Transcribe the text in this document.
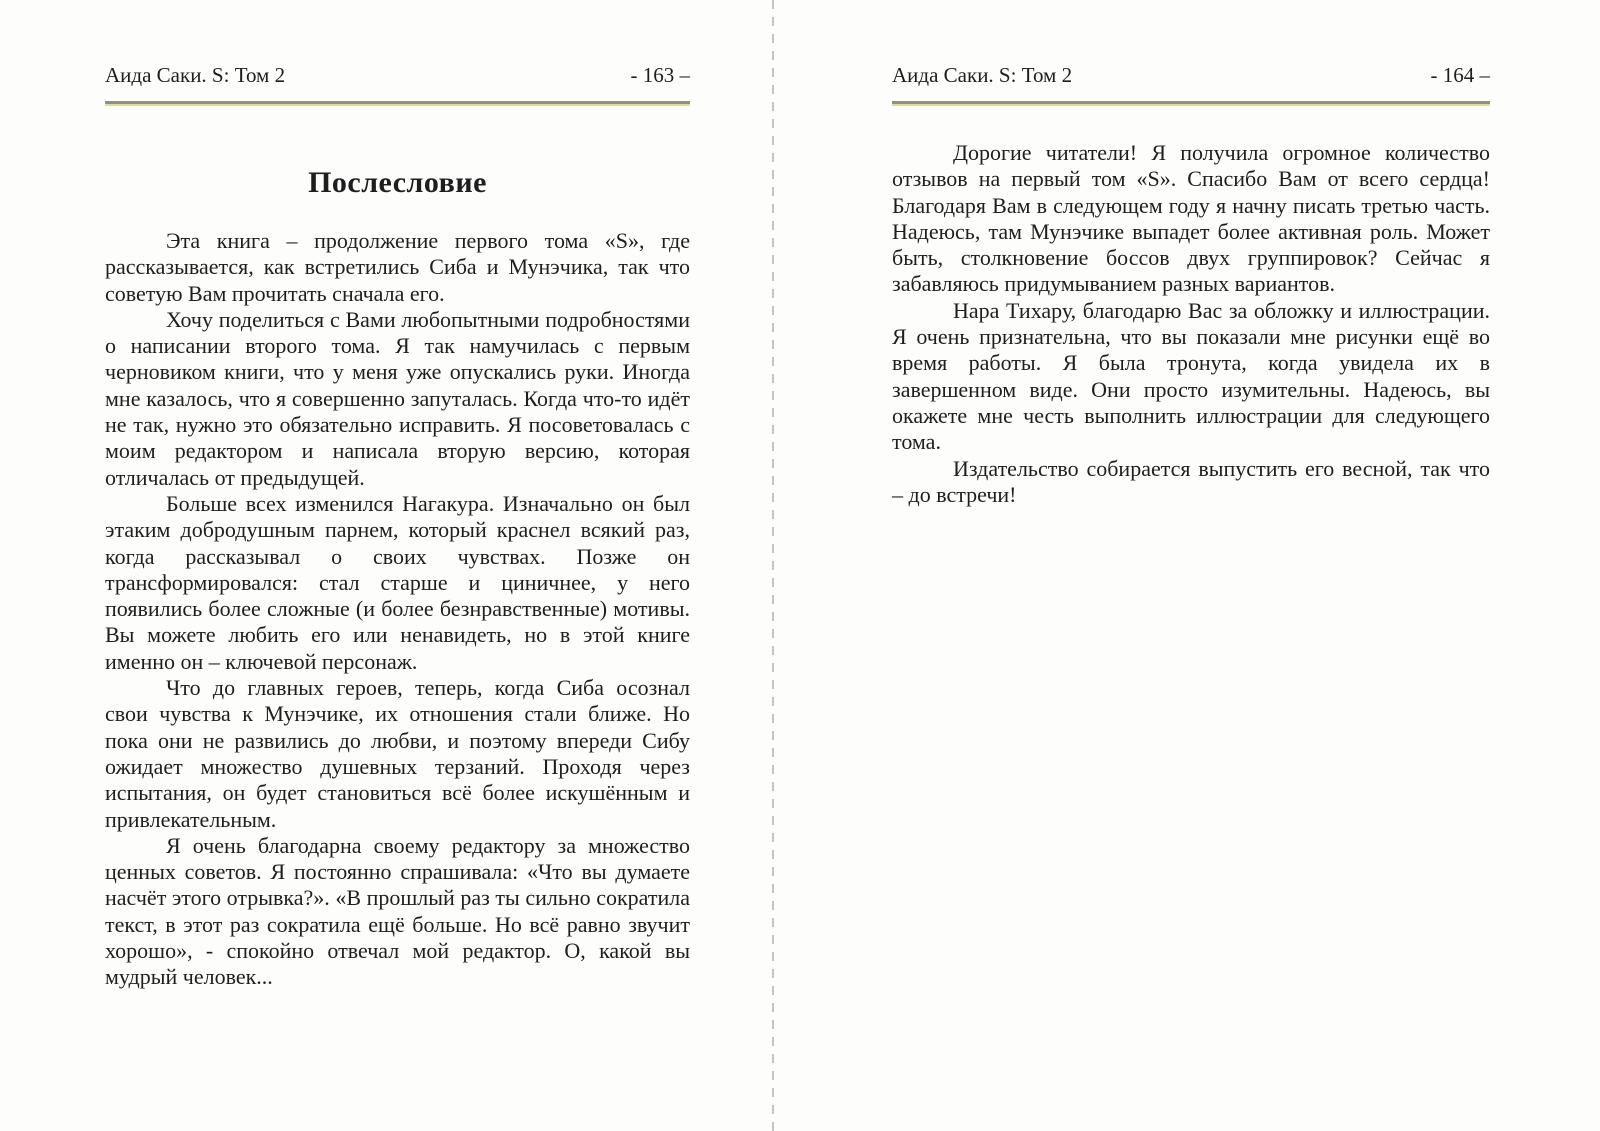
Аида Саки. S: Том 2	- 163 –
Послесловие

Эта книга – продолжение первого тома «S», где рассказывается, как встретились Сиба и Мунэчика, так что советую Вам прочитать сначала его.

Хочу поделиться с Вами любопытными подробностями о написании второго тома. Я так намучилась с первым черновиком книги, что у меня уже опускались руки. Иногда мне казалось, что я совершенно запуталась. Когда что-то идёт не так, нужно это обязательно исправить. Я посоветовалась с моим редактором и написала вторую версию, которая отличалась от предыдущей.

Больше всех изменился Нагакура. Изначально он был этаким добродушным парнем, который краснел всякий раз, когда рассказывал о своих чувствах. Позже он трансформировался: стал старше и циничнее, у него появились более сложные (и более безнравственные) мотивы. Вы можете любить его или ненавидеть, но в этой книге именно он – ключевой персонаж.

Что до главных героев, теперь, когда Сиба осознал свои чувства к Мунэчике, их отношения стали ближе. Но пока они не развились до любви, и поэтому впереди Сибу ожидает множество душевных терзаний. Проходя через испытания, он будет становиться всё более искушённым и привлекательным.

Я очень благодарна своему редактору за множество ценных советов. Я постоянно спрашивала: «Что вы думаете насчёт этого отрывка?». «В прошлый раз ты сильно сократила текст, в этот раз сократила ещё больше. Но всё равно звучит хорошо», - спокойно отвечал мой редактор. О, какой вы мудрый человек...

Аида Саки. S: Том 2	- 164 –

Дорогие читатели! Я получила огромное количество отзывов на первый том «S». Спасибо Вам от всего сердца! Благодаря Вам в следующем году я начну писать третью часть. Надеюсь, там Мунэчике выпадет более активная роль. Может быть, столкновение боссов двух группировок? Сейчас я забавляюсь придумыванием разных вариантов.

Нара Тихару, благодарю Вас за обложку и иллюстрации. Я очень признательна, что вы показали мне рисунки ещё во время работы. Я была тронута, когда увидела их в завершенном виде. Они просто изумительны. Надеюсь, вы окажете мне честь выполнить иллюстрации для следующего тома.

Издательство собирается выпустить его весной, так что – до встречи!
